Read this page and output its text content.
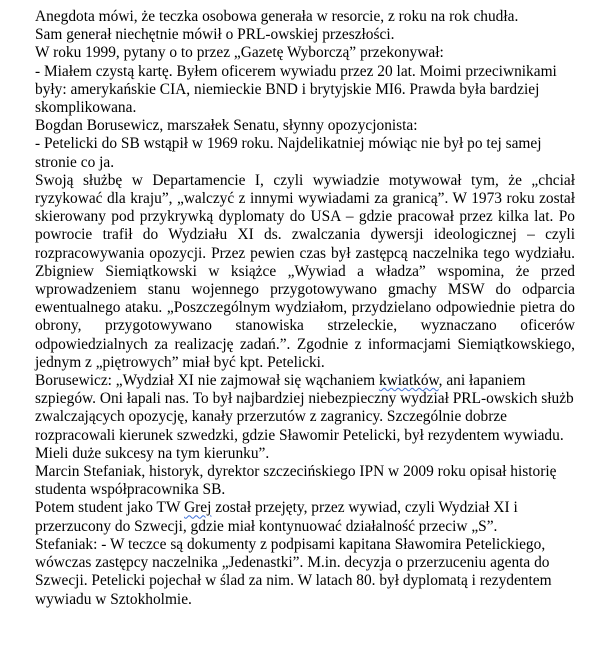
Anegdota mówi, że teczka osobowa generała w resorcie, z roku na rok chudła.

Sam generał niechętnie mówił o PRL-owskiej przeszłości.

W roku 1999, pytany o to przez „Gazetę Wyborczą” przekonywał:

- Miałem czystą kartę. Byłem oficerem wywiadu przez 20 lat. Moimi przeciwnikami były: amerykańskie CIA, niemieckie BND i brytyjskie MI6. Prawda była bardziej skomplikowana.

Bogdan Borusewicz, marszałek Senatu, słynny opozycjonista:

- Petelicki do SB wstąpił w 1969 roku. Najdelikatniej mówiąc nie był po tej samej stronie co ja.

Swoją służbę w Departamencie I, czyli wywiadzie motywował tym, że „chciał ryzykować dla kraju”, „walczyć z innymi wywiadami za granicą”. W 1973 roku został skierowany pod przykrywką dyplomaty do USA – gdzie pracował przez kilka lat. Po powrocie trafił do Wydziału XI ds. zwalczania dywersji ideologicznej – czyli rozpracowywania opozycji. Przez pewien czas był zastępcą naczelnika tego wydziału. Zbigniew Siemiątkowski w książce „Wywiad a władza” wspomina, że przed wprowadzeniem stanu wojennego przygotowywano gmachy MSW do odparcia ewentualnego ataku. „Poszczególnym wydziałom, przydzielano odpowiednie pietra do obrony, przygotowywano stanowiska strzeleckie, wyznaczano oficerów odpowiedzialnych za realizację zadań.”. Zgodnie z informacjami Siemiątkowskiego, jednym z „piętrowych” miał być kpt. Petelicki.

Borusewicz: „Wydział XI nie zajmował się wąchaniem kwiatków, ani łapaniem szpiegów. Oni łapali nas. To był najbardziej niebezpieczny wydział PRL-owskich służb zwalczających opozycję, kanały przerzutów z zagranicy. Szczególnie dobrze rozpracowali kierunek szwedzki, gdzie Sławomir Petelicki, był rezydentem wywiadu. Mieli duże sukcesy na tym kierunku”.

Marcin Stefaniak, historyk, dyrektor szczecińskiego IPN w 2009 roku opisał historię studenta współpracownika SB.

Potem student jako TW Grej został przejęty, przez wywiad, czyli Wydział XI i przerzucony do Szwecji, gdzie miał kontynuować działalność przeciw „S”.

Stefaniak: - W teczce są dokumenty z podpisami kapitana Sławomira Petelickiego, wówczas zastępcy naczelnika „Jedenastki”. M.in. decyzja o przerzuceniu agenta do Szwecji. Petelicki pojechał w ślad za nim. W latach 80. był dyplomatą i rezydentem wywiadu w Sztokholmie.
